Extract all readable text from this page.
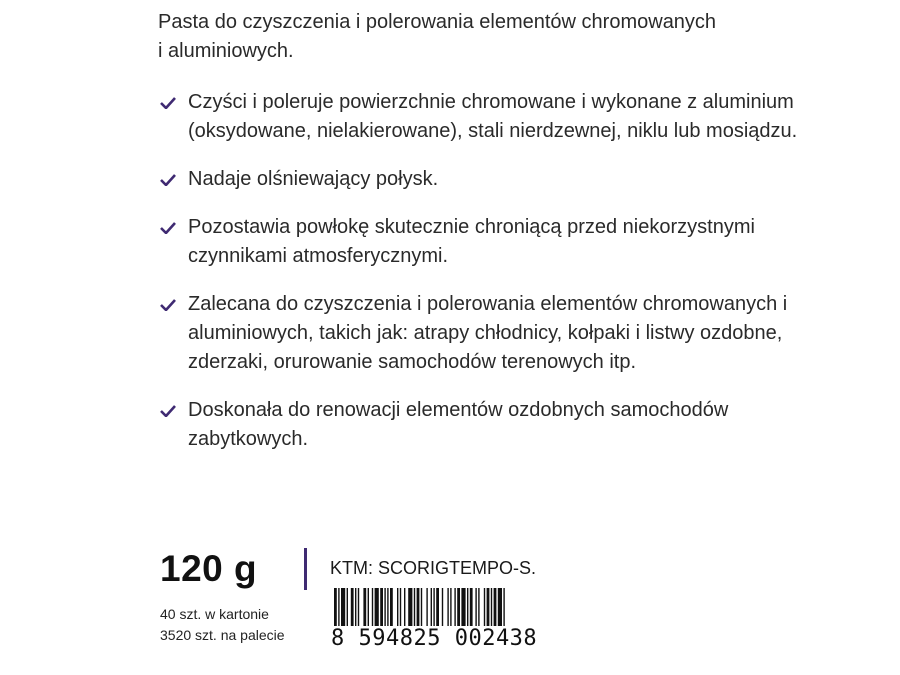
Pasta do czyszczenia i polerowania elementów chromowanych
i aluminiowych.
Czyści i poleruje powierzchnie chromowane i wykonane z aluminium (oksydowane, nielakierowane), stali nierdzewnej, niklu lub mosiądzu.
Nadaje olśniewający połysk.
Pozostawia powłokę skutecznie chroniącą przed niekorzystnymi czynnikami atmosferycznymi.
Zalecana do czyszczenia i polerowania elementów chromowanych i aluminiowych, takich jak: atrapy chłodnicy, kołpaki i listwy ozdobne, zderzaki, orurowanie samochodów terenowych itp.
Doskonała do renowacji elementów ozdobnych samochodów zabytkowych.
120 g
40 szt. w kartonie
3520 szt. na palecie
KTM: SCORIGTEMPO-S.
8 594825 002438
